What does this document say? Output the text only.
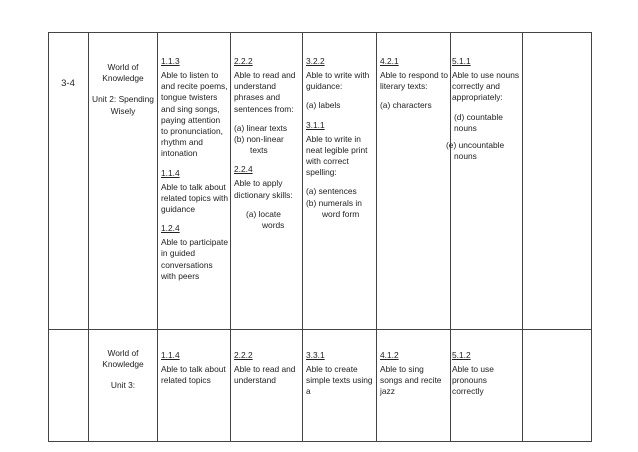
3-4
World of Knowledge
Unit 2: Spending Wisely
1.1.3
Able to listen to and recite poems, tongue twisters and sing songs, paying attention to pronunciation, rhythm and intonation
1.1.4
Able to talk about related topics with guidance
1.2.4
Able to participate in guided conversations with peers
2.2.2
Able to read and understand phrases and sentences from:
(a) linear texts
(b) non-linear
texts
2.2.4
Able to apply dictionary skills:
(a) locate
words
3.2.2
Able to write with guidance:
(a) labels
3.1.1
Able to write in neat legible print with correct spelling:
(a) sentences
(b) numerals in
word form
4.2.1
Able to respond to literary texts:
(a) characters
5.1.1
Able to use nouns correctly and appropriately:
(d) countable
nouns
(e) uncountable
nouns
World of Knowledge
Unit 3:
1.1.4
Able to talk about related topics
2.2.2
Able to read and understand
3.3.1
Able to create simple texts using a
4.1.2
Able to sing songs and recite jazz
5.1.2
Able to use pronouns correctly
